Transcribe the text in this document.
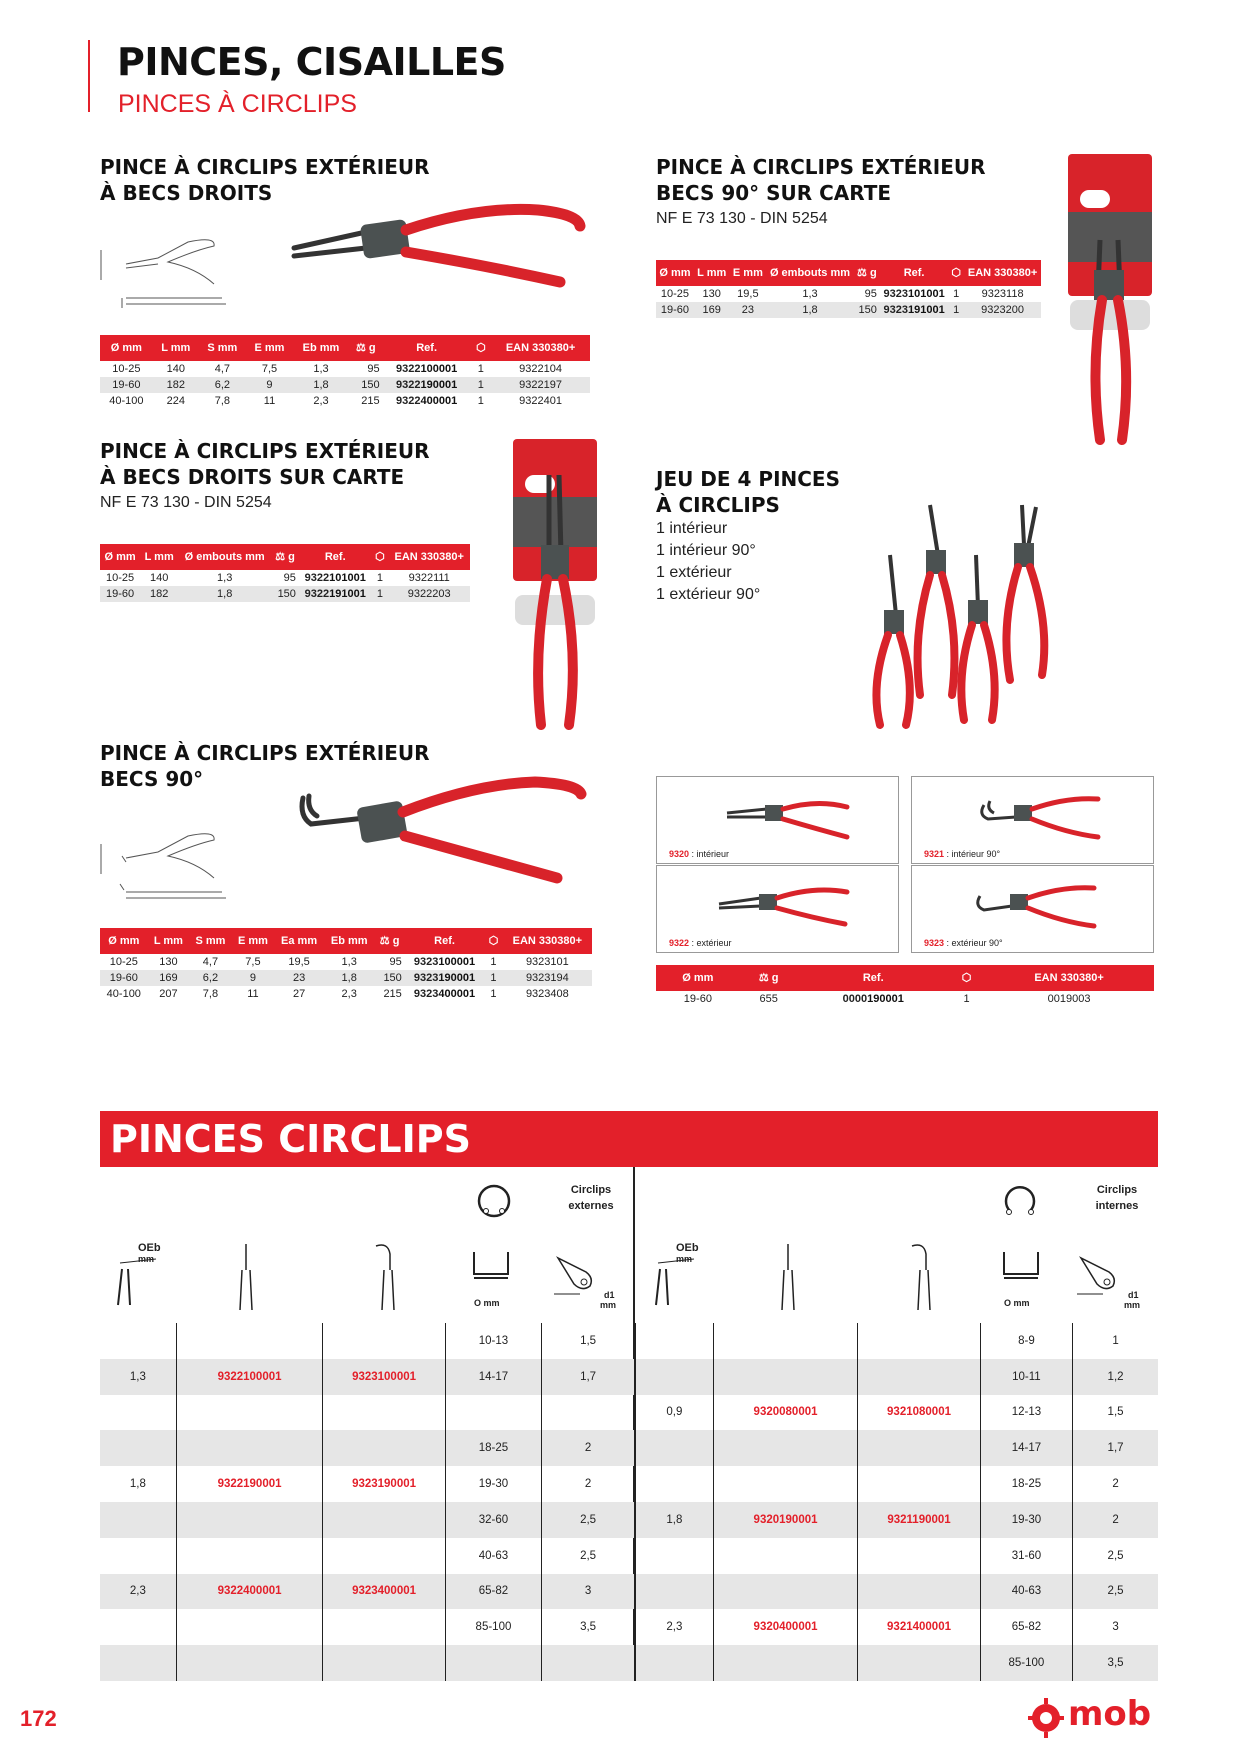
PINCES, CISAILLES
PINCES À CIRCLIPS
PINCE À CIRCLIPS EXTÉRIEUR
À BECS DROITS
Ø mm	L mm	S mm	E mm	Eb mm	⚖ g	Ref.	⬡	EAN 330380+
10-25	140	4,7	7,5	1,3	95	9322100001	1	9322104
19-60	182	6,2	9	1,8	150	9322190001	1	9322197
40-100	224	7,8	11	2,3	215	9322400001	1	9322401
PINCE À CIRCLIPS EXTÉRIEUR
BECS 90° SUR CARTE
NF E 73 130 - DIN 5254
Ø mm	L mm	E mm	Ø embouts mm	⚖ g	Ref.	⬡	EAN 330380+
10-25	130	19,5	1,3	95	9323101001	1	9323118
19-60	169	23	1,8	150	9323191001	1	9323200
PINCE À CIRCLIPS EXTÉRIEUR
À BECS DROITS SUR CARTE
NF E 73 130 - DIN 5254
Ø mm	L mm	Ø embouts mm	⚖ g	Ref.	⬡	EAN 330380+
10-25	140	1,3	95	9322101001	1	9322111
19-60	182	1,8	150	9322191001	1	9322203
JEU DE 4 PINCES
À CIRCLIPS
1 intérieur
1 intérieur 90°
1 extérieur
1 extérieur 90°
PINCE À CIRCLIPS EXTÉRIEUR
BECS 90°
Ø mm	L mm	S mm	E mm	Ea mm	Eb mm	⚖ g	Ref.	⬡	EAN 330380+
10-25	130	4,7	7,5	19,5	1,3	95	9323100001	1	9323101
19-60	169	6,2	9	23	1,8	150	9323190001	1	9323194
40-100	207	7,8	11	27	2,3	215	9323400001	1	9323408
9320 : intérieur	9321 : intérieur 90°
9322 : extérieur	9323 : extérieur 90°
Ø mm	⚖ g	Ref.	⬡	EAN 330380+
19-60	655	0000190001	1	0019003
PINCES CIRCLIPS
Circlips externes
Circlips internes
OEb
mm
O mm
d1
mm
OEb
mm
O mm
d1
mm
			10-13	1,5				8-9	1
1,3	9322100001	9323100001	14-17	1,7				10-11	1,2
					0,9	9320080001	9321080001	12-13	1,5
			18-25	2				14-17	1,7
1,8	9322190001	9323190001	19-30	2				18-25	2
			32-60	2,5	1,8	9320190001	9321190001	19-30	2
			40-63	2,5				31-60	2,5
2,3	9322400001	9323400001	65-82	3				40-63	2,5
			85-100	3,5	2,3	9320400001	9321400001	65-82	3
								85-100	3,5
172	mob
